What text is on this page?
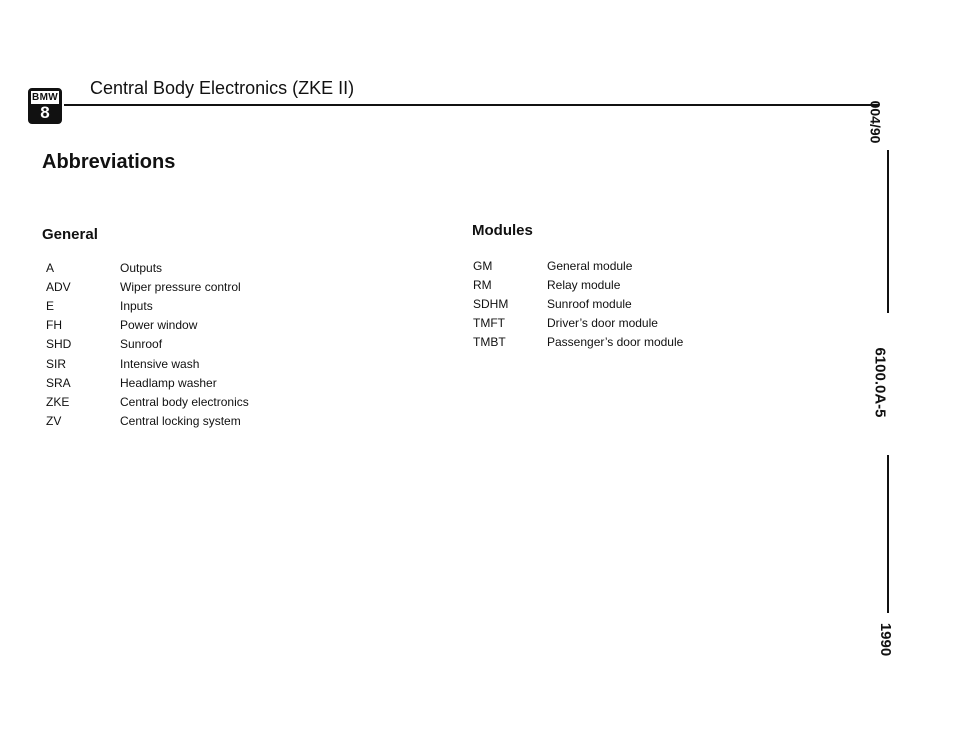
BMW
8
Central Body Electronics (ZKE II)
Abbreviations
General
A	Outputs
ADV	Wiper pressure control
E	Inputs
FH	Power window
SHD	Sunroof
SIR	Intensive wash
SRA	Headlamp washer
ZKE	Central body electronics
ZV	Central locking system
Modules
GM	General module
RM	Relay module
SDHM	Sunroof module
TMFT	Driver’s door module
TMBT	Passenger’s door module
004/90
6100.0A-5
1990
